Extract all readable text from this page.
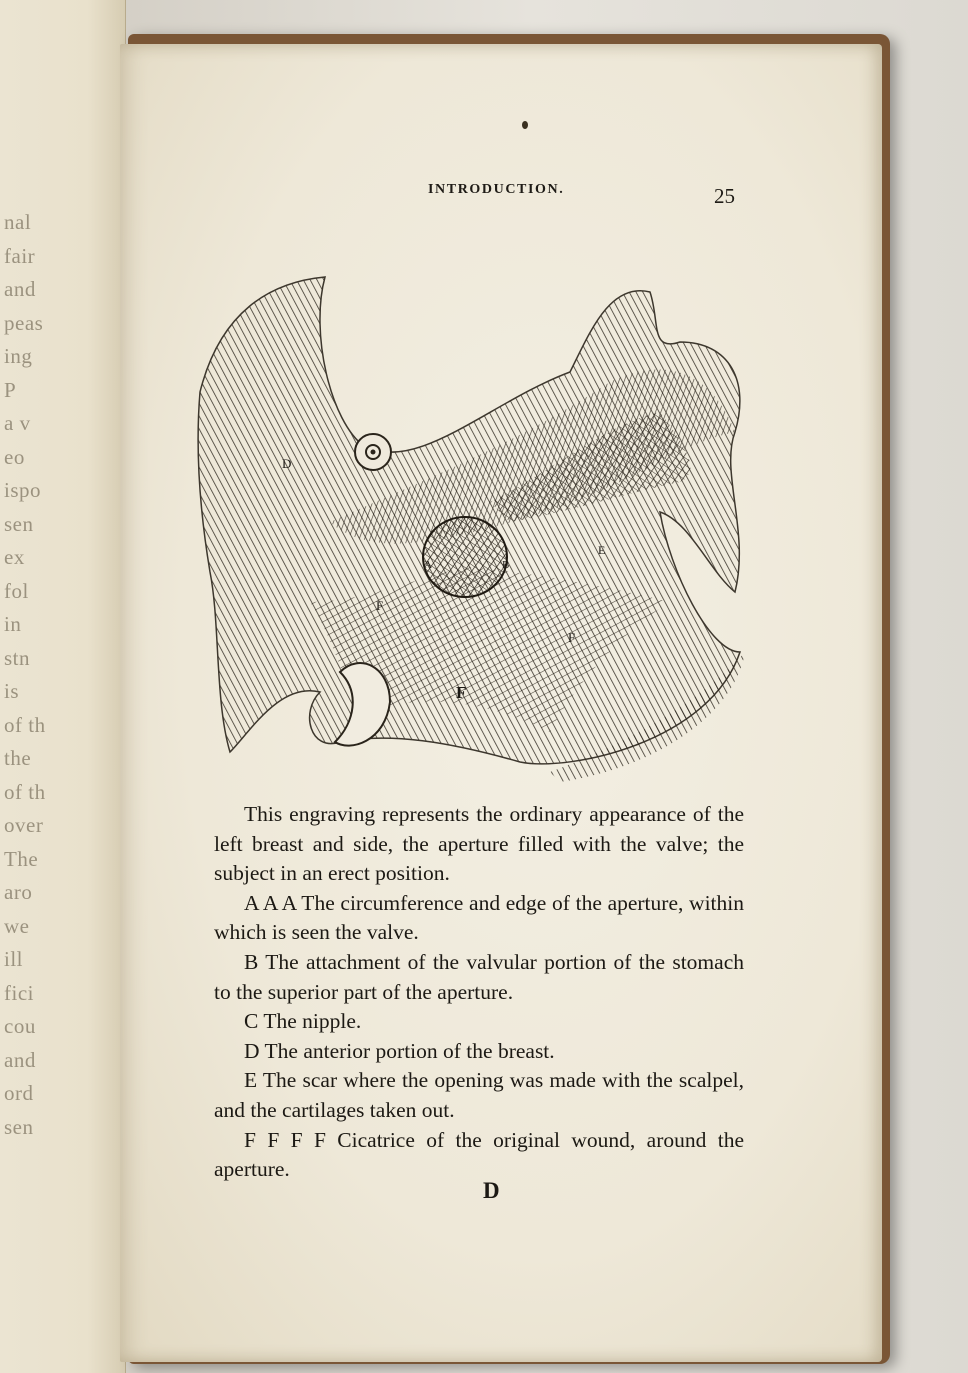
nal
fair
and
peas
ing
P
a v
eo
ispo
sen
ex
fol
in
stn
is
of th
the
of th
over
The
aro
we
ill
fici
cou
and
ord
sen
INTRODUCTION.	25
D
A	B
E
F
F
F

This engraving represents the ordinary appearance of the left breast and side, the aperture filled with the valve; the subject in an erect position.

A A A The circumference and edge of the aperture, within which is seen the valve.

B The attachment of the valvular portion of the stomach to the superior part of the aperture.

C The nipple.

D The anterior portion of the breast.

E The scar where the opening was made with the scalpel, and the cartilages taken out.

F F F F Cicatrice of the original wound, around the aperture.

D
